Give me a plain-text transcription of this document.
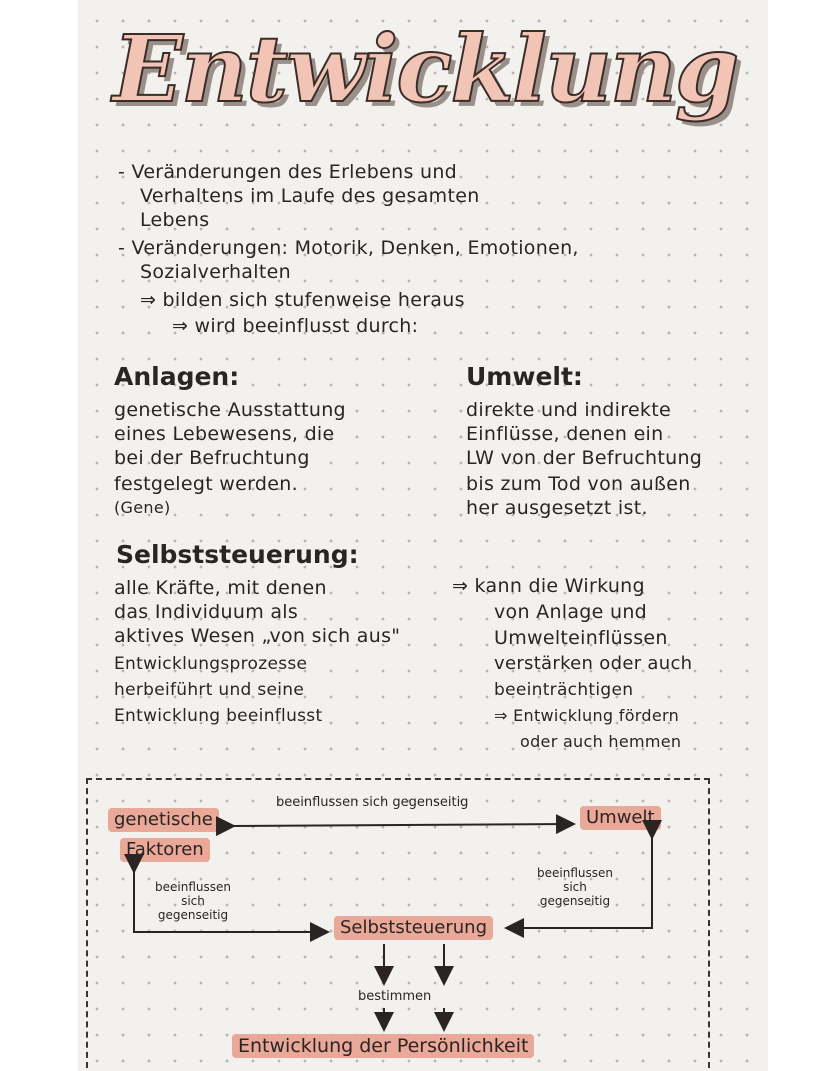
Entwicklung
- Veränderungen des Erlebens und
Verhaltens im Laufe des gesamten
Lebens
- Veränderungen: Motorik, Denken, Emotionen,
Sozialverhalten
⇒ bilden sich stufenweise heraus
⇒ wird beeinflusst durch:
Anlagen:
genetische Ausstattung
eines Lebewesens, die
bei der Befruchtung
festgelegt werden.
(Gene)
Umwelt:
direkte und indirekte
Einflüsse, denen ein
LW von der Befruchtung
bis zum Tod von außen
her ausgesetzt ist.
Selbststeuerung:
alle Kräfte, mit denen
das Individuum als
aktives Wesen „von sich aus"
Entwicklungsprozesse
herbeiführt und seine
Entwicklung beeinflusst
⇒ kann die Wirkung
von Anlage und
Umwelteinflüssen
verstärken oder auch
beeinträchtigen
⇒ Entwicklung fördern
oder auch hemmen
genetische
Faktoren
Umwelt
Selbststeuerung
Entwicklung der Persönlichkeit
beeinflussen sich gegenseitig
beeinflussen
sich
gegenseitig
beeinflussen
sich
gegenseitig
bestimmen
